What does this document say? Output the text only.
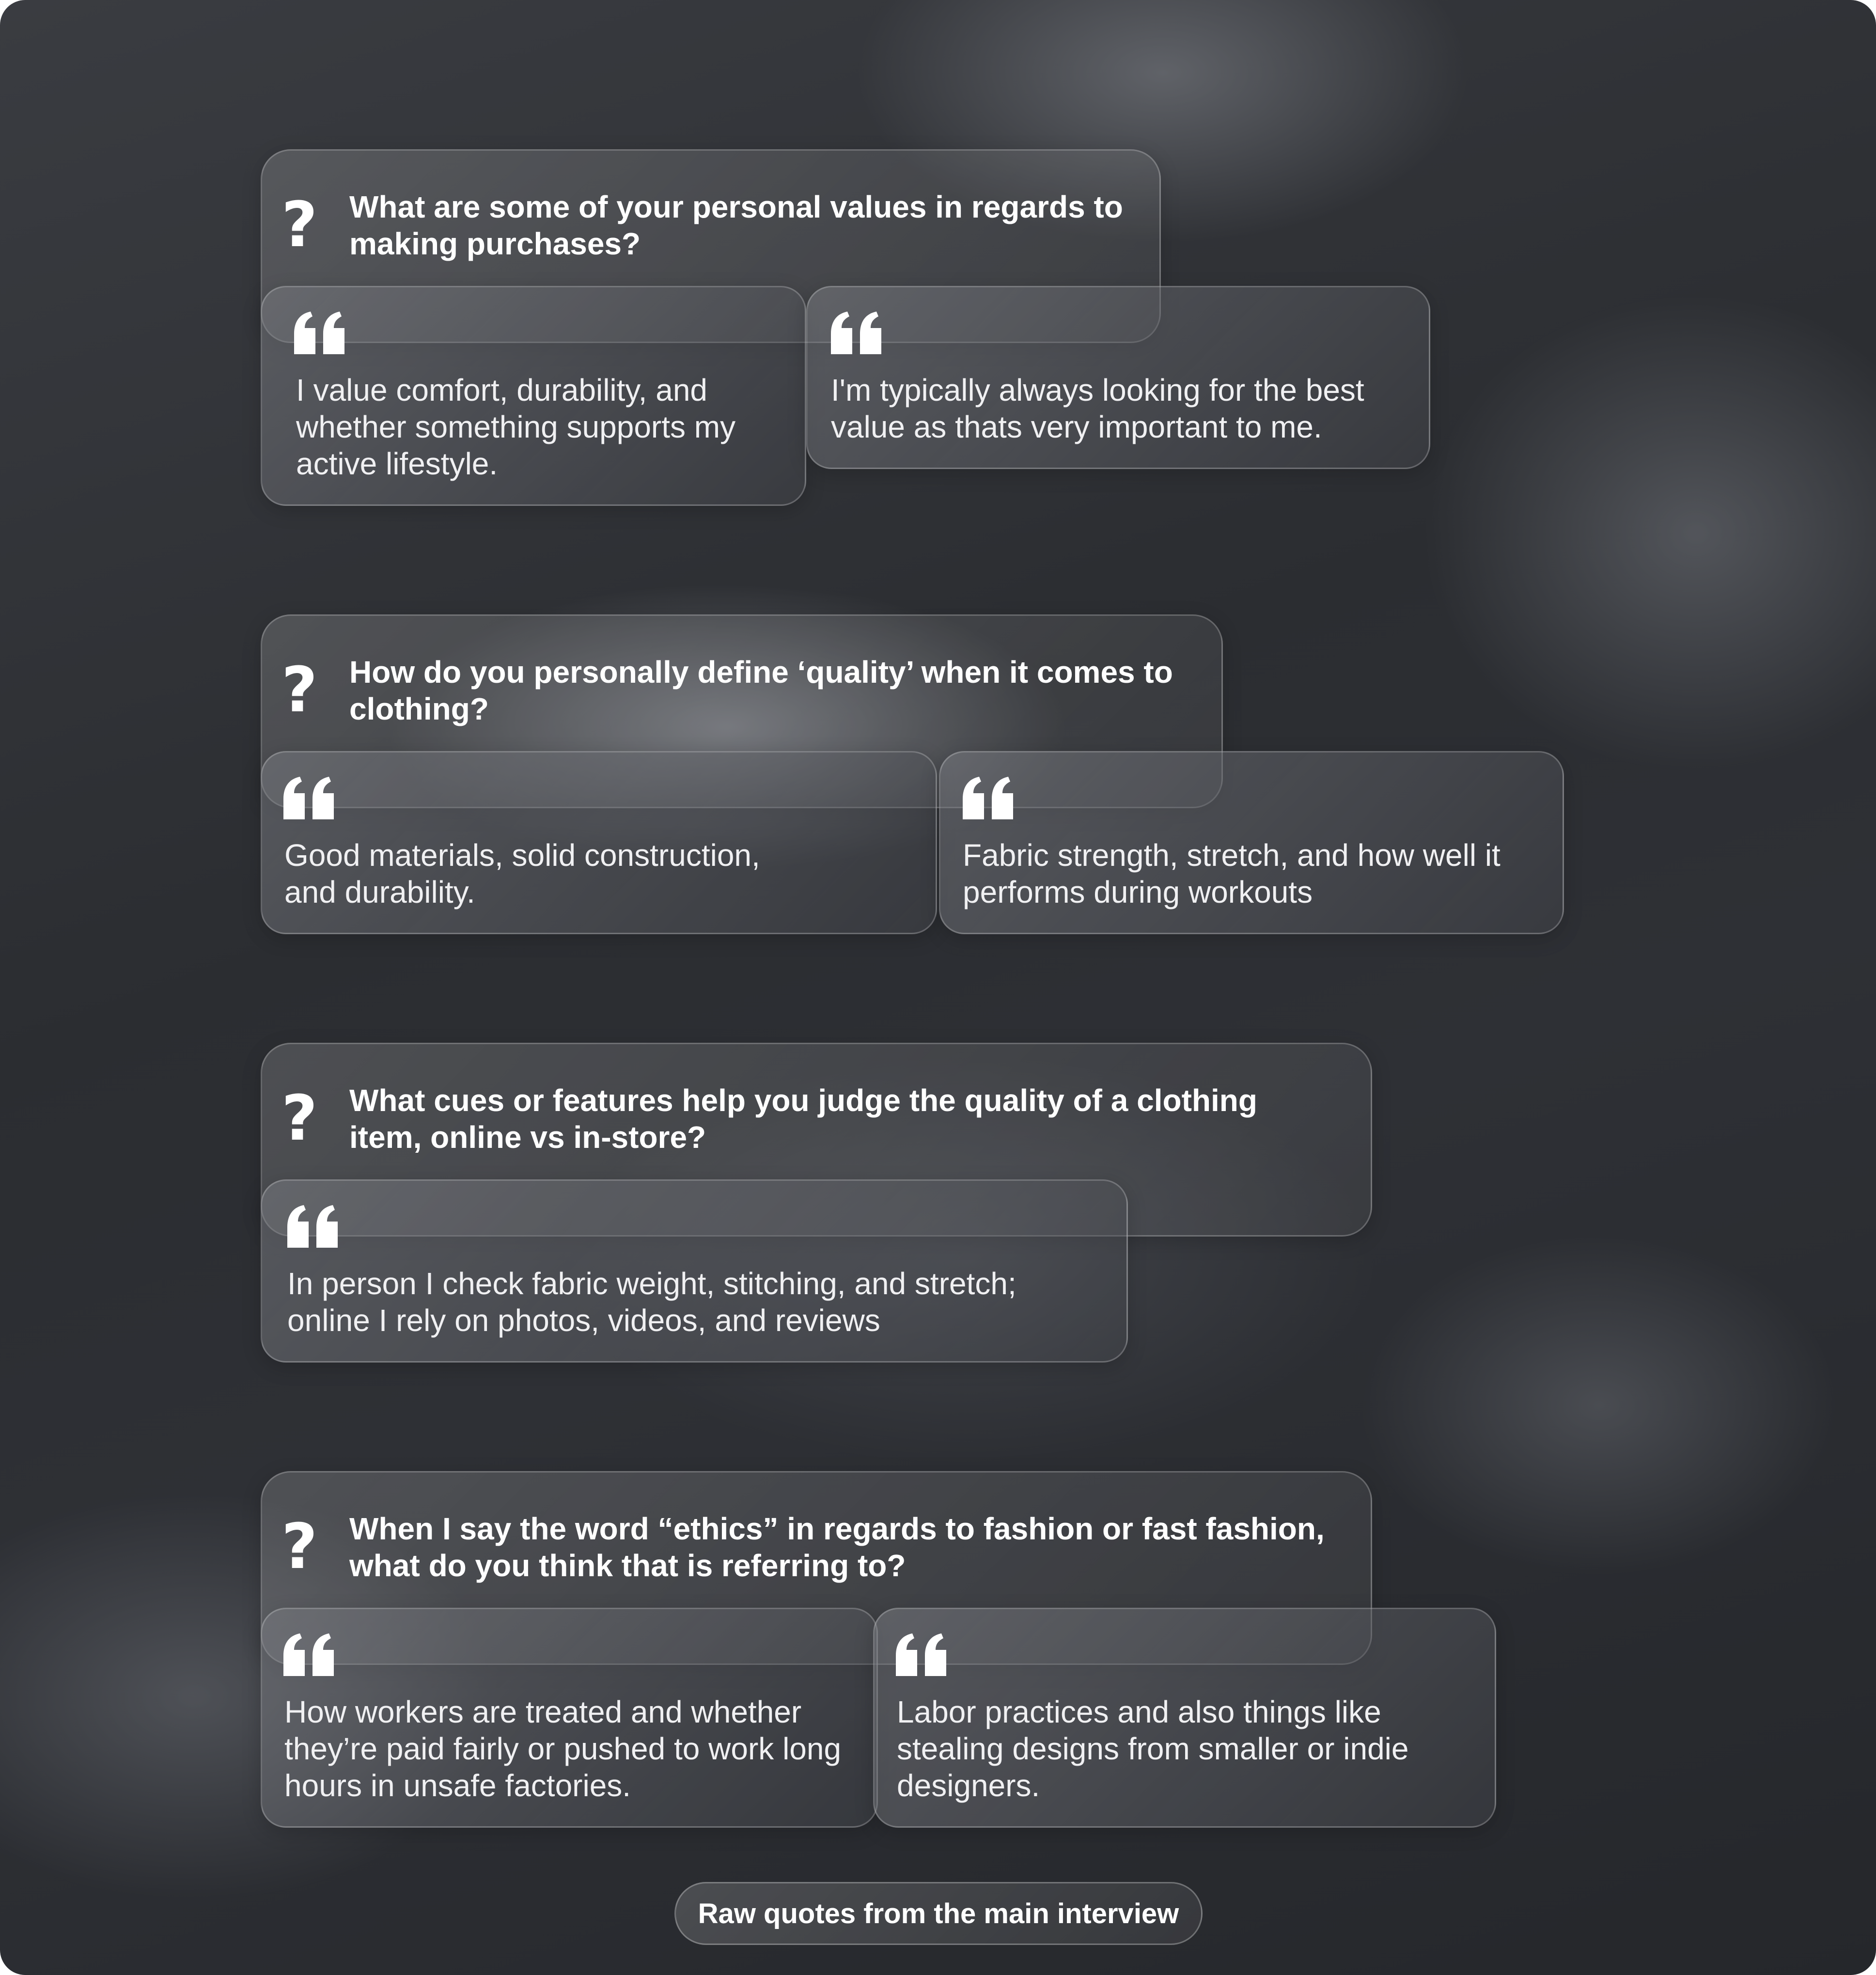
? What are some of your personal values in regards to making purchases?
I value comfort, durability, and whether something supports my active lifestyle.
I'm typically always looking for the best value as thats very important to me.
? How do you personally define ‘quality’ when it comes to clothing?
Good materials, solid construction, and durability.
Fabric strength, stretch, and how well it performs during workouts
? What cues or features help you judge the quality of a clothing item, online vs in-store?
In person I check fabric weight, stitching, and stretch; online I rely on photos, videos, and reviews
? When I say the word “ethics” in regards to fashion or fast fashion, what do you think that is referring to?
How workers are treated and whether they’re paid fairly or pushed to work long hours in unsafe factories.
Labor practices and also things like stealing designs from smaller or indie designers.
Raw quotes from the main interview
